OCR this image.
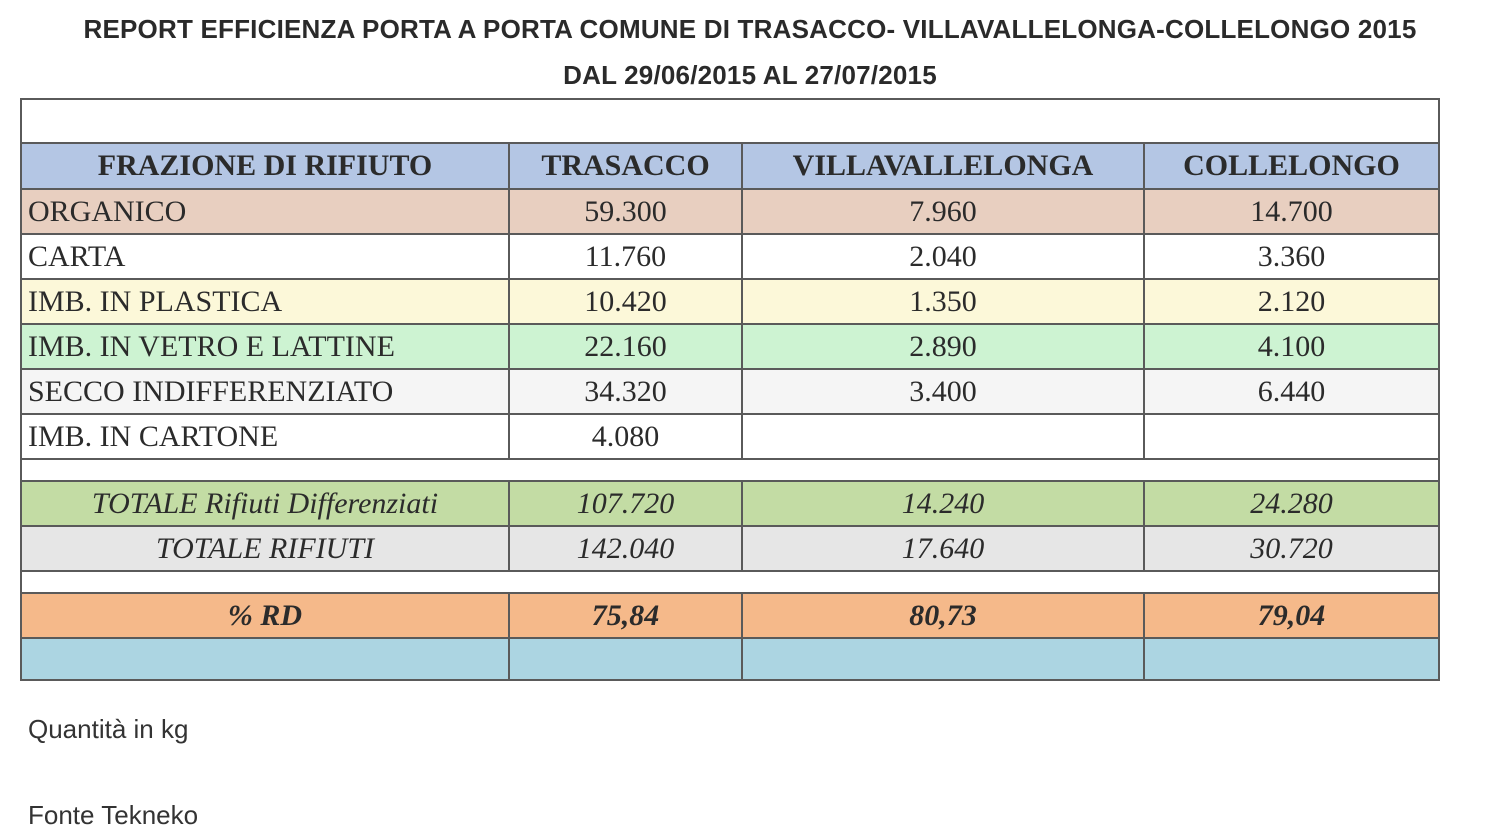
REPORT EFFICIENZA PORTA A PORTA COMUNE DI TRASACCO- VILLAVALLELONGA-COLLELONGO 2015
DAL 29/06/2015 AL 27/07/2015

FRAZIONE DI RIFIUTO	TRASACCO	VILLAVALLELONGA	COLLELONGO
ORGANICO	59.300	7.960	14.700
CARTA	11.760	2.040	3.360
IMB. IN PLASTICA	10.420	1.350	2.120
IMB. IN VETRO E LATTINE	22.160	2.890	4.100
SECCO INDIFFERENZIATO	34.320	3.400	6.440
IMB. IN CARTONE	4.080		

TOTALE Rifiuti Differenziati	107.720	14.240	24.280
TOTALE RIFIUTI	142.040	17.640	30.720

% RD	75,84	80,73	79,04

Quantità in kg
Fonte Tekneko
